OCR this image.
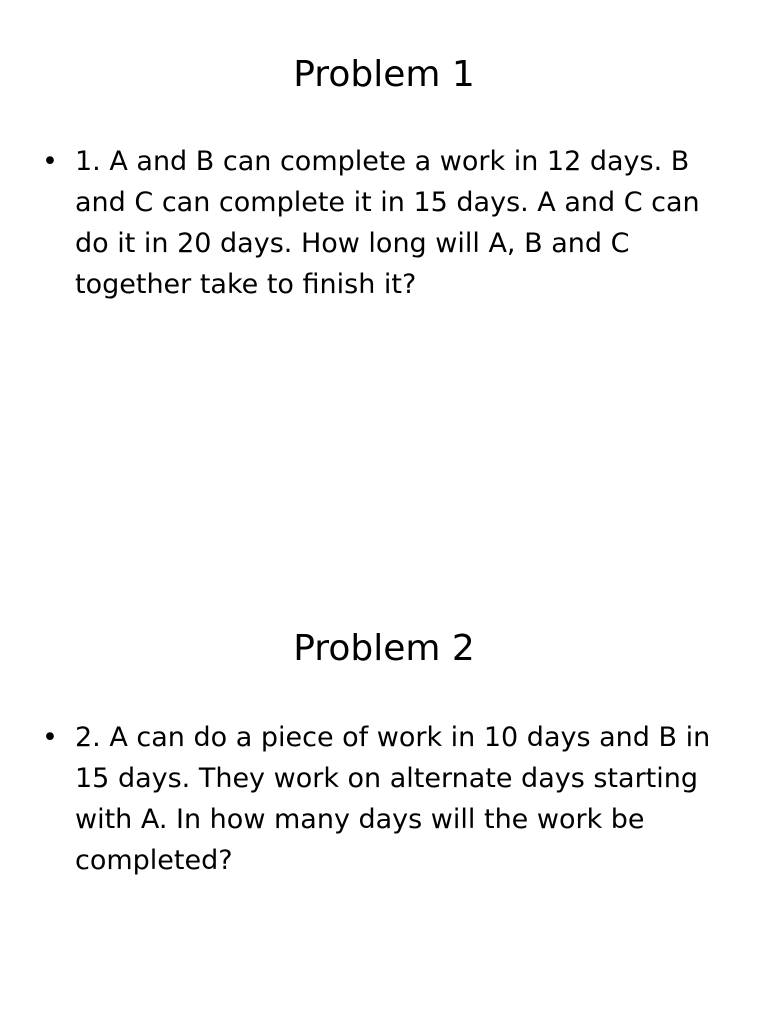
Problem 1
• 1. A and B can complete a work in 12 days. B and C can complete it in 15 days. A and C can do it in 20 days. How long will A, B and C together take to finish it?
Problem 2
• 2. A can do a piece of work in 10 days and B in 15 days. They work on alternate days starting with A. In how many days will the work be completed?
